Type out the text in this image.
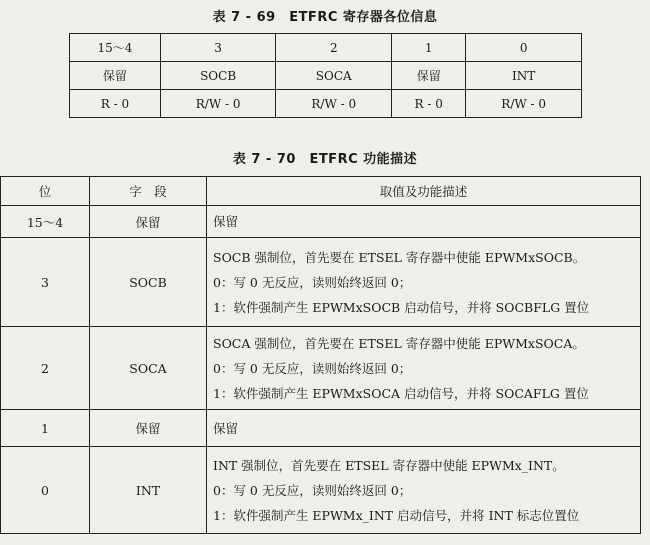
表 7 - 69　ETFRC 寄存器各位信息
15～4	3	2	1	0
保留	SOCB	SOCA	保留	INT
R - 0	R/W - 0	R/W - 0	R - 0	R/W - 0
表 7 - 70　ETFRC 功能描述
位	字　段	取值及功能描述
15～4	保留	保留

3	SOCB	SOCB 强制位，首先要在 ETSEL 寄存器中使能 EPWMxSOCB。
0：写 0 无反应，读则始终返回 0；
1：软件强制产生 EPWMxSOCB 启动信号，并将 SOCBFLG 置位

2	SOCA	SOCA 强制位，首先要在 ETSEL 寄存器中使能 EPWMxSOCA。
0：写 0 无反应，读则始终返回 0；
1：软件强制产生 EPWMxSOCA 启动信号，并将 SOCAFLG 置位

1	保留	保留

0	INT	INT 强制位，首先要在 ETSEL 寄存器中使能 EPWMx_INT。
0：写 0 无反应，读则始终返回 0；
1：软件强制产生 EPWMx_INT 启动信号，并将 INT 标志位置位
